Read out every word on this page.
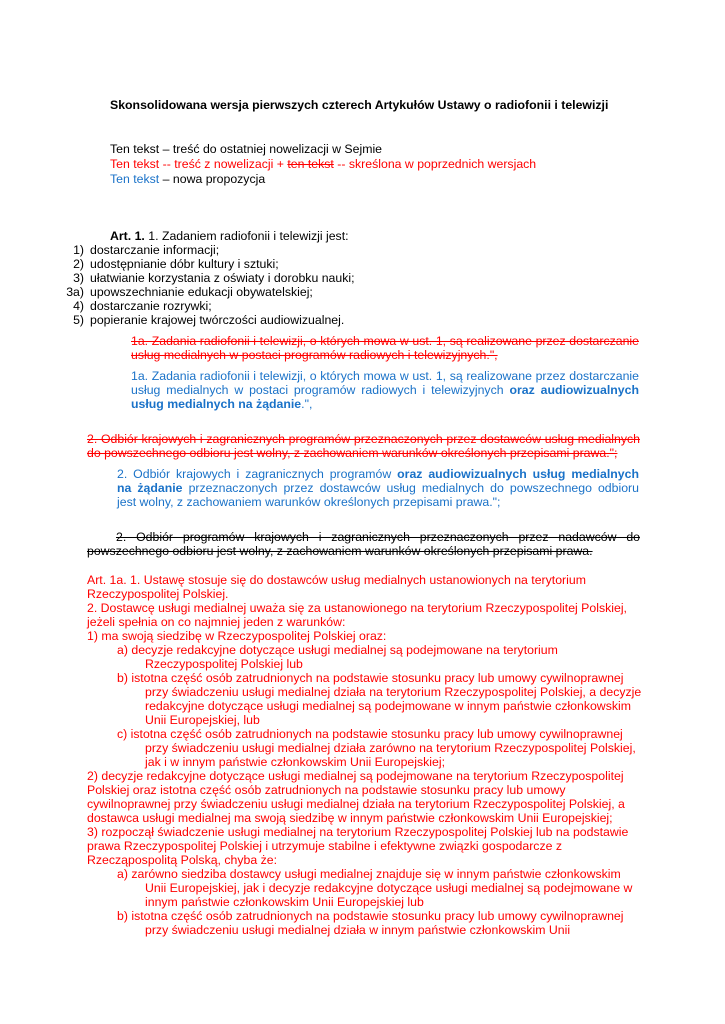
Skonsolidowana wersja pierwszych czterech Artykułów Ustawy o radiofonii i telewizji
Ten tekst – treść do ostatniej nowelizacji w Sejmie
Ten tekst -- treść z nowelizacji + ten tekst -- skreślona w poprzednich wersjach
Ten tekst – nowa propozycja
Art. 1. 1. Zadaniem radiofonii i telewizji jest:
1) dostarczanie informacji;
2) udostępnianie dóbr kultury i sztuki;
3) ułatwianie korzystania z oświaty i dorobku nauki;
3a) upowszechnianie edukacji obywatelskiej;
4) dostarczanie rozrywki;
5) popieranie krajowej twórczości audiowizualnej.
1a. Zadania radiofonii i telewizji, o których mowa w ust. 1, są realizowane przez dostarczanie
usług medialnych w postaci programów radiowych i telewizyjnych.",
1a. Zadania radiofonii i telewizji, o których mowa w ust. 1, są realizowane przez dostarczanie
usług medialnych w postaci programów radiowych i telewizyjnych oraz audiowizualnych
usług medialnych na żądanie.",
2. Odbiór krajowych i zagranicznych programów przeznaczonych przez dostawców usług medialnych
do powszechnego odbioru jest wolny, z zachowaniem warunków określonych przepisami prawa.";
2. Odbiór krajowych i zagranicznych programów oraz audiowizualnych usług medialnych
na żądanie przeznaczonych przez dostawców usług medialnych do powszechnego odbioru
jest wolny, z zachowaniem warunków określonych przepisami prawa.";
2. Odbiór programów krajowych i zagranicznych przeznaczonych przez nadawców do
powszechnego odbioru jest wolny, z zachowaniem warunków określonych przepisami prawa.
Art. 1a. 1. Ustawę stosuje się do dostawców usług medialnych ustanowionych na terytorium
Rzeczypospolitej Polskiej.
2. Dostawcę usługi medialnej uważa się za ustanowionego na terytorium Rzeczypospolitej Polskiej,
jeżeli spełnia on co najmniej jeden z warunków:
1) ma swoją siedzibę w Rzeczypospolitej Polskiej oraz:
a) decyzje redakcyjne dotyczące usługi medialnej są podejmowane na terytorium
Rzeczypospolitej Polskiej lub
b) istotna część osób zatrudnionych na podstawie stosunku pracy lub umowy cywilnoprawnej
przy świadczeniu usługi medialnej działa na terytorium Rzeczypospolitej Polskiej, a decyzje
redakcyjne dotyczące usługi medialnej są podejmowane w innym państwie członkowskim
Unii Europejskiej, lub
c) istotna część osób zatrudnionych na podstawie stosunku pracy lub umowy cywilnoprawnej
przy świadczeniu usługi medialnej działa zarówno na terytorium Rzeczypospolitej Polskiej,
jak i w innym państwie członkowskim Unii Europejskiej;
2) decyzje redakcyjne dotyczące usługi medialnej są podejmowane na terytorium Rzeczypospolitej
Polskiej oraz istotna część osób zatrudnionych na podstawie stosunku pracy lub umowy
cywilnoprawnej przy świadczeniu usługi medialnej działa na terytorium Rzeczypospolitej Polskiej, a
dostawca usługi medialnej ma swoją siedzibę w innym państwie członkowskim Unii Europejskiej;
3) rozpoczął świadczenie usługi medialnej na terytorium Rzeczypospolitej Polskiej lub na podstawie
prawa Rzeczypospolitej Polskiej i utrzymuje stabilne i efektywne związki gospodarcze z
Rzecząpospolitą Polską, chyba że:
a) zarówno siedziba dostawcy usługi medialnej znajduje się w innym państwie członkowskim
Unii Europejskiej, jak i decyzje redakcyjne dotyczące usługi medialnej są podejmowane w
innym państwie członkowskim Unii Europejskiej lub
b) istotna część osób zatrudnionych na podstawie stosunku pracy lub umowy cywilnoprawnej
przy świadczeniu usługi medialnej działa w innym państwie członkowskim Unii
